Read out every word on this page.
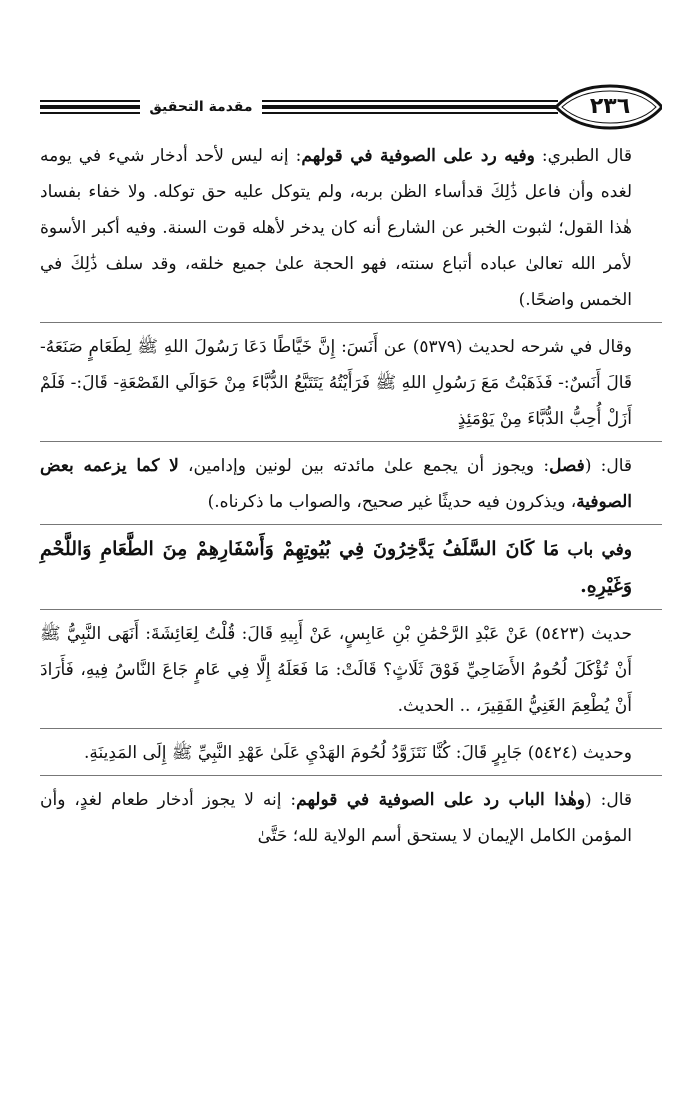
٢٣٦
مقدمة التحقيق

قال الطبري: وفيه رد على الصوفية في قولهم: إنه ليس لأحد أدخار شيء في يومه لغده وأن فاعل ذَٰلِكَ قدأساء الظن بربه، ولم يتوكل عليه حق توكله. ولا خفاء بفساد هٰذا القول؛ لثبوت الخبر عن الشارع أنه كان يدخر لأهله قوت السنة. وفيه أكبر الأسوة لأمر الله تعالىٰ عباده أتباع سنته، فهو الحجة علىٰ جميع خلقه، وقد سلف ذَٰلِكَ في الخمس واضحًا.)

وقال في شرحه لحديث (٥٣٧٩) عن أَنَسَ: إِنَّ خَيَّاطًا دَعَا رَسُولَ اللهِ ﷺ لِطَعَامٍ صَنَعَهُ- قَالَ أَنَسٌ:- فَذَهَبْتُ مَعَ رَسُولِ اللهِ ﷺ فَرَأَيْتُهُ يَتَتَبَّعُ الدُّبَّاءَ مِنْ حَوَالَي القَصْعَةِ- قَالَ:- فَلَمْ أَزَلْ أُحِبُّ الدُّبَّاءَ مِنْ يَوْمَئِذٍ

قال: (فصل: ويجوز أن يجمع علىٰ مائدته بين لونين وإدامين، لا كما يزعمه بعض الصوفية، ويذكرون فيه حديثًا غير صحيح، والصواب ما ذكرناه.)

وفي باب مَا كَانَ السَّلَفُ يَدَّخِرُونَ فِي بُيُوتِهِمْ وَأَسْفَارِهِمْ مِنَ الطَّعَامِ وَاللَّحْمِ وَغَيْرِهِ.

حديث (٥٤٢٣) عَنْ عَبْدِ الرَّحْمَٰنِ بْنِ عَابِسٍ، عَنْ أَبِيهِ قَالَ: قُلْتُ لِعَائِشَةَ: أَنَهَى النَّبِيُّ ﷺ أَنْ تُؤْكَلَ لُحُومُ الأَضَاحِيِّ فَوْقَ ثَلَاثٍ؟ قَالَتْ: مَا فَعَلَهُ إِلَّا فِي عَامٍ جَاعَ النَّاسُ فِيهِ، فَأَرَادَ أَنْ يُطْعِمَ الغَنِيُّ الفَقِيرَ، .. الحديث.

وحديث (٥٤٢٤) جَابِرٍ قَالَ: كُنَّا نَتَزَوَّدُ لُحُومَ الهَدْيِ عَلَىٰ عَهْدِ النَّبِيِّ ﷺ إِلَى المَدِينَةِ.

قال: (وهٰذا الباب رد على الصوفية في قولهم: إنه لا يجوز أدخار طعام لغدٍ، وأن المؤمن الكامل الإيمان لا يستحق أسم الولاية لله؛ حَتَّىٰ
